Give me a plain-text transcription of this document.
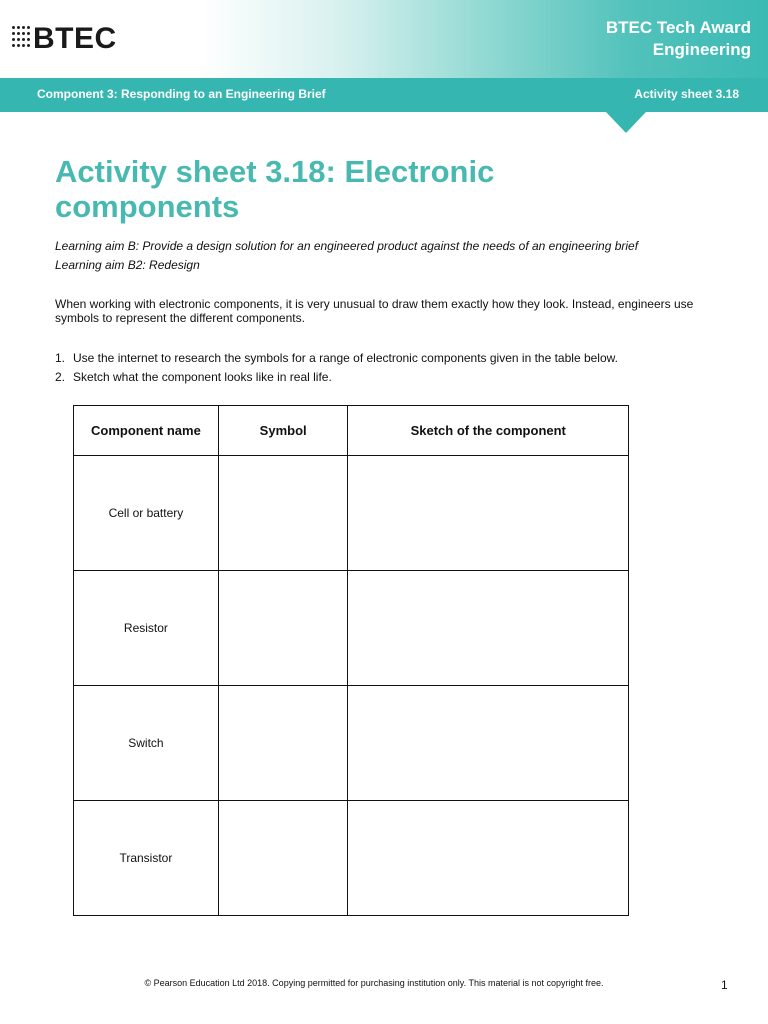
BTEC	BTEC Tech Award
Engineering
Component 3: Responding to an Engineering Brief	Activity sheet 3.18
Activity sheet 3.18: Electronic
components
Learning aim B: Provide a design solution for an engineered product against the needs of an engineering brief
Learning aim B2: Redesign
When working with electronic components, it is very unusual to draw them exactly how they look. Instead, engineers use symbols to represent the different components.
1. Use the internet to research the symbols for a range of electronic components given in the table below.
2. Sketch what the component looks like in real life.
Component name	Symbol	Sketch of the component
Cell or battery		
Resistor		
Switch		
Transistor		
© Pearson Education Ltd 2018. Copying permitted for purchasing institution only. This material is not copyright free.	1
